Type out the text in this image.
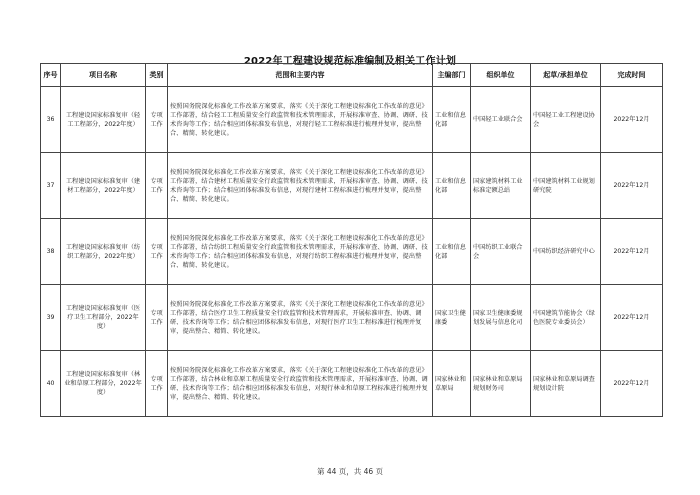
2022年工程建设规范标准编制及相关工作计划
序号	项目名称	类别	范围和主要内容	主编部门	组织单位	起草/承担单位	完成时间
36	工程建设国家标准复审（轻工工程部分，2022年度）	专项工作	按照国务院深化标准化工作改革方案要求，落实《关于深化工程建设标准化工作改革的意见》工作部署，结合轻工工程质量安全行政监管和技术管理需求，开展标准审查、协调、调研、技术咨询等工作；结合相应团体标准发布信息，对现行轻工工程标准进行梳理并复审，提出整合、精简、转化建议。	工业和信息化部	中国轻工业联合会	中国轻工业工程建设协会	2022年12月
37	工程建设国家标准复审（建材工程部分，2022年度）	专项工作	按照国务院深化标准化工作改革方案要求，落实《关于深化工程建设标准化工作改革的意见》工作部署，结合建材工程质量安全行政监管和技术管理需求，开展标准审查、协调、调研、技术咨询等工作；结合相应团体标准发布信息，对现行建材工程标准进行梳理并复审，提出整合、精简、转化建议。	工业和信息化部	国家建筑材料工业标准定额总站	中国建筑材料工业规划研究院	2022年12月
38	工程建设国家标准复审（纺织工程部分，2022年度）	专项工作	按照国务院深化标准化工作改革方案要求，落实《关于深化工程建设标准化工作改革的意见》工作部署，结合纺织工程质量安全行政监管和技术管理需求，开展标准审查、协调、调研、技术咨询等工作；结合相应团体标准发布信息，对现行纺织工程标准进行梳理并复审，提出整合、精简、转化建议。	工业和信息化部	中国纺织工业联合会	中国纺织经济研究中心	2022年12月
39	工程建设国家标准复审（医疗卫生工程部分，2022年度）	专项工作	按照国务院深化标准化工作改革方案要求，落实《关于深化工程建设标准化工作改革的意见》工作部署，结合医疗卫生工程质量安全行政监管和技术管理需求，开展标准审查、协调、调研、技术咨询等工作；结合相应团体标准发布信息，对现行医疗卫生工程标准进行梳理并复审，提出整合、精简、转化建议。	国家卫生健康委	国家卫生健康委规划发展与信息化司	中国建筑节能协会（绿色医院专业委员会）	2022年12月
40	工程建设国家标准复审（林业和草原工程部分，2022年度）	专项工作	按照国务院深化标准化工作改革方案要求，落实《关于深化工程建设标准化工作改革的意见》工作部署，结合林业和草原工程质量安全行政监管和技术管理需求，开展标准审查、协调、调研、技术咨询等工作；结合相应团体标准发布信息，对现行林业和草原工程标准进行梳理并复审，提出整合、精简、转化建议。	国家林业和草原局	国家林业和草原局规划财务司	国家林业和草原局调查规划设计院	2022年12月
第 44 页，共 46 页
